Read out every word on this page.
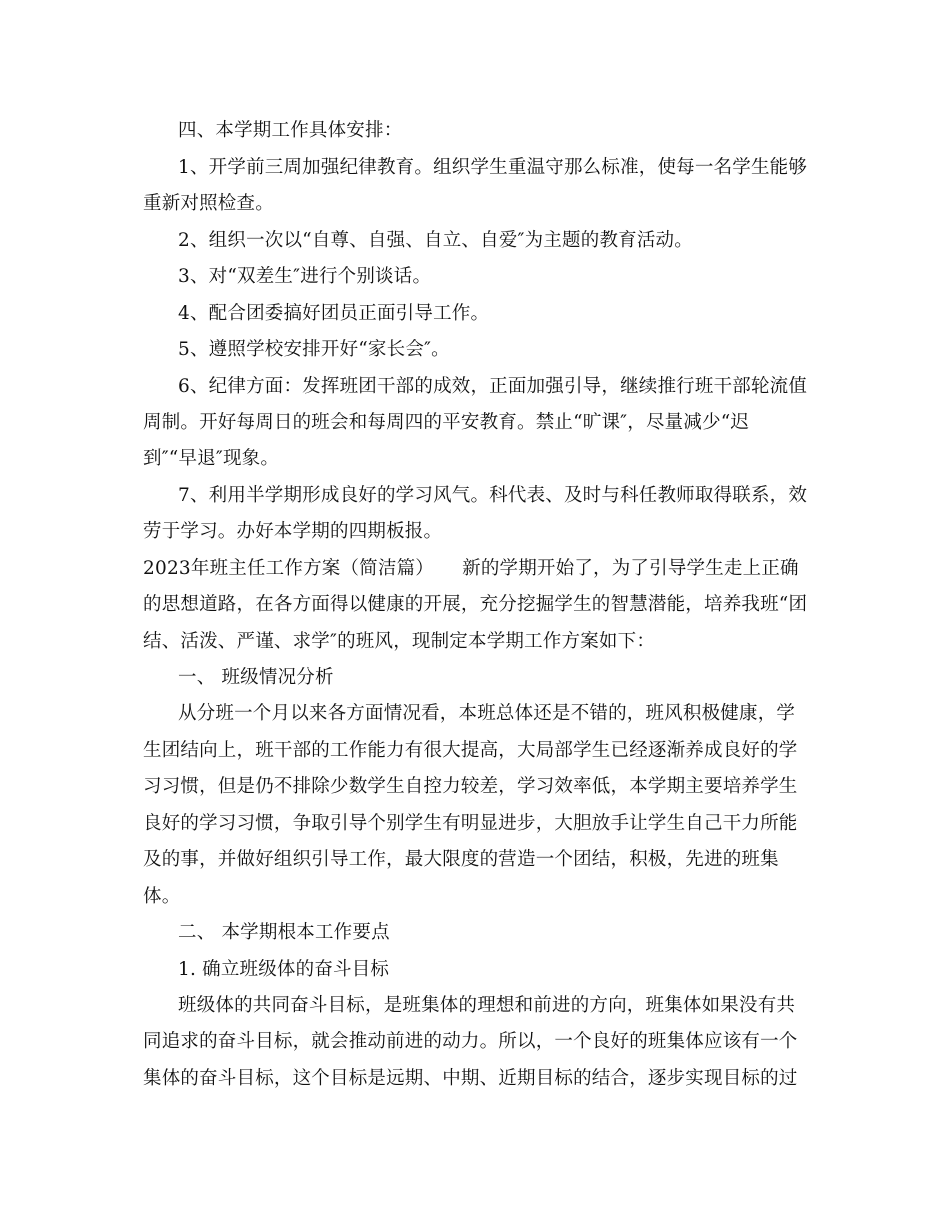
四、本学期工作具体安排：
1、开学前三周加强纪律教育。组织学生重温守那么标准，使每一名学生能够
重新对照检查。
2、组织一次以“自尊、自强、自立、自爱″为主题的教育活动。
3、对“双差生″进行个别谈话。
4、配合团委搞好团员正面引导工作。
5、遵照学校安排开好“家长会″。
6、纪律方面：发挥班团干部的成效，正面加强引导，继续推行班干部轮流值
周制。开好每周日的班会和每周四的平安教育。禁止“旷课″，尽量减少“迟
到″“早退″现象。
7、利用半学期形成良好的学习风气。科代表、及时与科任教师取得联系，效
劳于学习。办好本学期的四期板报。
2023年班主任工作方案（简洁篇）　　新的学期开始了，为了引导学生走上正确
的思想道路，在各方面得以健康的开展，充分挖掘学生的智慧潜能，培养我班“团
结、活泼、严谨、求学″的班风，现制定本学期工作方案如下：
一、 班级情况分析
从分班一个月以来各方面情况看，本班总体还是不错的，班风积极健康，学
生团结向上，班干部的工作能力有很大提高，大局部学生已经逐渐养成良好的学
习习惯，但是仍不排除少数学生自控力较差，学习效率低，本学期主要培养学生
良好的学习习惯，争取引导个别学生有明显进步，大胆放手让学生自己干力所能
及的事，并做好组织引导工作，最大限度的营造一个团结，积极，先进的班集
体。
二、 本学期根本工作要点
1. 确立班级体的奋斗目标
班级体的共同奋斗目标，是班集体的理想和前进的方向，班集体如果没有共
同追求的奋斗目标，就会推动前进的动力。所以，一个良好的班集体应该有一个
集体的奋斗目标，这个目标是远期、中期、近期目标的结合，逐步实现目标的过
